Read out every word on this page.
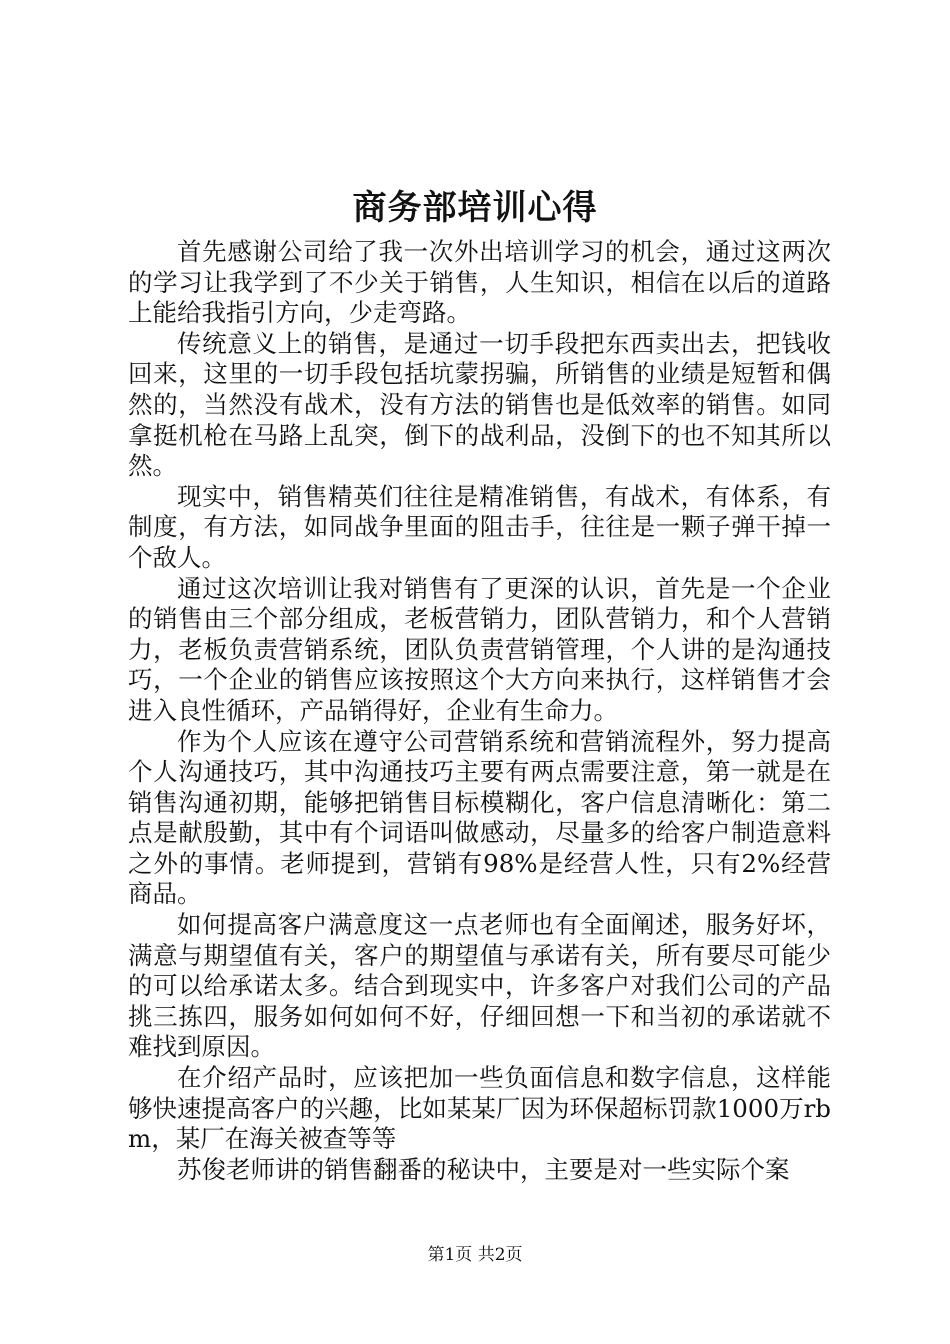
商务部培训心得

首先感谢公司给了我一次外出培训学习的机会，通过这两次的学习让我学到了不少关于销售，人生知识，相信在以后的道路上能给我指引方向，少走弯路。

传统意义上的销售，是通过一切手段把东西卖出去，把钱收回来，这里的一切手段包括坑蒙拐骗，所销售的业绩是短暂和偶然的，当然没有战术，没有方法的销售也是低效率的销售。如同拿挺机枪在马路上乱突，倒下的战利品，没倒下的也不知其所以然。

现实中，销售精英们往往是精准销售，有战术，有体系，有制度，有方法，如同战争里面的阻击手，往往是一颗子弹干掉一个敌人。

通过这次培训让我对销售有了更深的认识，首先是一个企业的销售由三个部分组成，老板营销力，团队营销力，和个人营销力，老板负责营销系统，团队负责营销管理，个人讲的是沟通技巧，一个企业的销售应该按照这个大方向来执行，这样销售才会进入良性循环，产品销得好，企业有生命力。

作为个人应该在遵守公司营销系统和营销流程外，努力提高个人沟通技巧，其中沟通技巧主要有两点需要注意，第一就是在销售沟通初期，能够把销售目标模糊化，客户信息清晰化：第二点是献殷勤，其中有个词语叫做感动，尽量多的给客户制造意料之外的事情。老师提到，营销有98%是经营人性，只有2%经营商品。

如何提高客户满意度这一点老师也有全面阐述，服务好坏，满意与期望值有关，客户的期望值与承诺有关，所有要尽可能少的可以给承诺太多。结合到现实中，许多客户对我们公司的产品挑三拣四，服务如何如何不好，仔细回想一下和当初的承诺就不难找到原因。

在介绍产品时，应该把加一些负面信息和数字信息，这样能够快速提高客户的兴趣，比如某某厂因为环保超标罚款1000万rbm，某厂在海关被查等等

苏俊老师讲的销售翻番的秘诀中，主要是对一些实际个案

第1页 共2页
